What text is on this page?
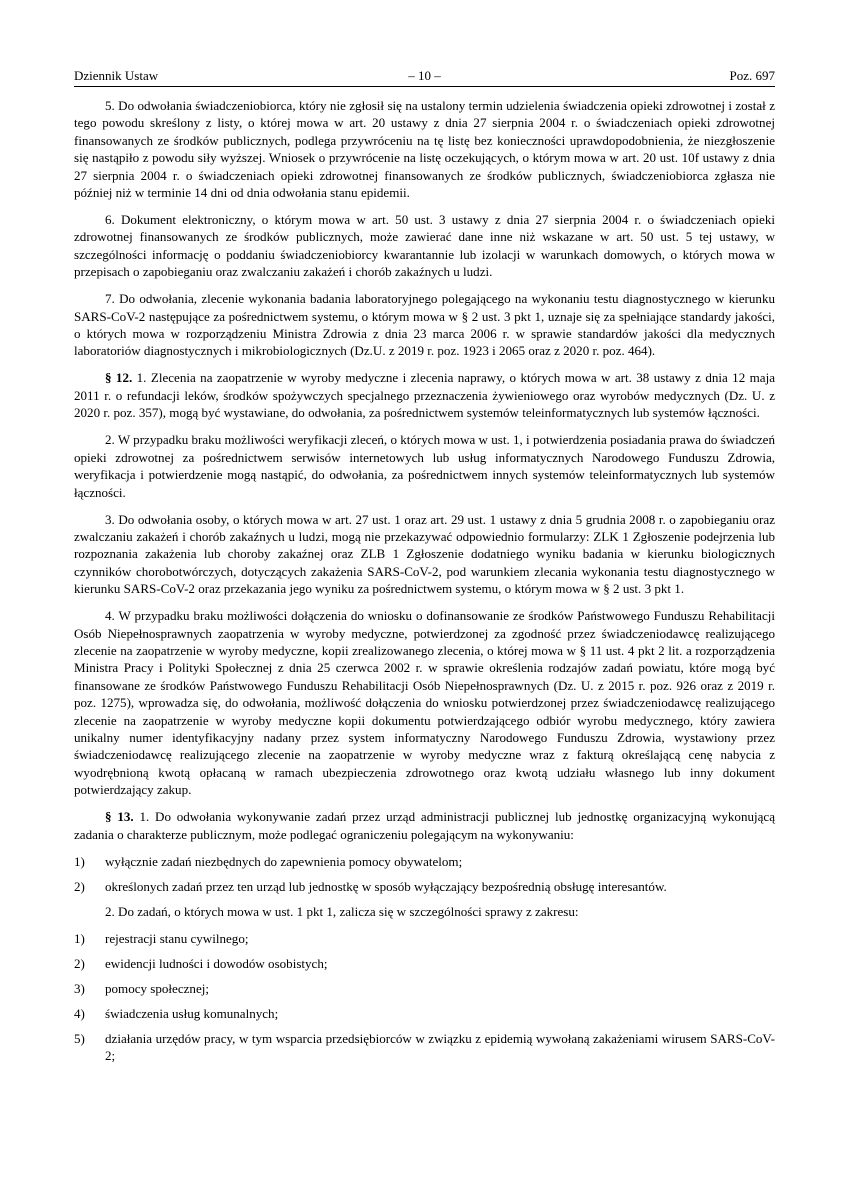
Dziennik Ustaw	– 10 –	Poz. 697

5. Do odwołania świadczeniobiorca, który nie zgłosił się na ustalony termin udzielenia świadczenia opieki zdrowotnej i został z tego powodu skreślony z listy, o której mowa w art. 20 ustawy z dnia 27 sierpnia 2004 r. o świadczeniach opieki zdrowotnej finansowanych ze środków publicznych, podlega przywróceniu na tę listę bez konieczności uprawdopodobnienia, że niezgłoszenie się nastąpiło z powodu siły wyższej. Wniosek o przywrócenie na listę oczekujących, o którym mowa w art. 20 ust. 10f ustawy z dnia 27 sierpnia 2004 r. o świadczeniach opieki zdrowotnej finansowanych ze środków publicznych, świadczeniobiorca zgłasza nie później niż w terminie 14 dni od dnia odwołania stanu epidemii.

6. Dokument elektroniczny, o którym mowa w art. 50 ust. 3 ustawy z dnia 27 sierpnia 2004 r. o świadczeniach opieki zdrowotnej finansowanych ze środków publicznych, może zawierać dane inne niż wskazane w art. 50 ust. 5 tej ustawy, w szczególności informację o poddaniu świadczeniobiorcy kwarantannie lub izolacji w warunkach domowych, o których mowa w przepisach o zapobieganiu oraz zwalczaniu zakażeń i chorób zakaźnych u ludzi.

7. Do odwołania, zlecenie wykonania badania laboratoryjnego polegającego na wykonaniu testu diagnostycznego w kierunku SARS-CoV-2 następujące za pośrednictwem systemu, o którym mowa w § 2 ust. 3 pkt 1, uznaje się za spełniające standardy jakości, o których mowa w rozporządzeniu Ministra Zdrowia z dnia 23 marca 2006 r. w sprawie standardów jakości dla medycznych laboratoriów diagnostycznych i mikrobiologicznych (Dz.U. z 2019 r. poz. 1923 i 2065 oraz z 2020 r. poz. 464).

§ 12. 1. Zlecenia na zaopatrzenie w wyroby medyczne i zlecenia naprawy, o których mowa w art. 38 ustawy z dnia 12 maja 2011 r. o refundacji leków, środków spożywczych specjalnego przeznaczenia żywieniowego oraz wyrobów medycznych (Dz. U. z 2020 r. poz. 357), mogą być wystawiane, do odwołania, za pośrednictwem systemów teleinformatycznych lub systemów łączności.

2. W przypadku braku możliwości weryfikacji zleceń, o których mowa w ust. 1, i potwierdzenia posiadania prawa do świadczeń opieki zdrowotnej za pośrednictwem serwisów internetowych lub usług informatycznych Narodowego Funduszu Zdrowia, weryfikacja i potwierdzenie mogą nastąpić, do odwołania, za pośrednictwem innych systemów teleinformatycznych lub systemów łączności.

3. Do odwołania osoby, o których mowa w art. 27 ust. 1 oraz art. 29 ust. 1 ustawy z dnia 5 grudnia 2008 r. o zapobieganiu oraz zwalczaniu zakażeń i chorób zakaźnych u ludzi, mogą nie przekazywać odpowiednio formularzy: ZLK 1 Zgłoszenie podejrzenia lub rozpoznania zakażenia lub choroby zakaźnej oraz ZLB 1 Zgłoszenie dodatniego wyniku badania w kierunku biologicznych czynników chorobotwórczych, dotyczących zakażenia SARS-CoV-2, pod warunkiem zlecania wykonania testu diagnostycznego w kierunku SARS-CoV-2 oraz przekazania jego wyniku za pośrednictwem systemu, o którym mowa w § 2 ust. 3 pkt 1.

4. W przypadku braku możliwości dołączenia do wniosku o dofinansowanie ze środków Państwowego Funduszu Rehabilitacji Osób Niepełnosprawnych zaopatrzenia w wyroby medyczne, potwierdzonej za zgodność przez świadczeniodawcę realizującego zlecenie na zaopatrzenie w wyroby medyczne, kopii zrealizowanego zlecenia, o której mowa w § 11 ust. 4 pkt 2 lit. a rozporządzenia Ministra Pracy i Polityki Społecznej z dnia 25 czerwca 2002 r. w sprawie określenia rodzajów zadań powiatu, które mogą być finansowane ze środków Państwowego Funduszu Rehabilitacji Osób Niepełnosprawnych (Dz. U. z 2015 r. poz. 926 oraz z 2019 r. poz. 1275), wprowadza się, do odwołania, możliwość dołączenia do wniosku potwierdzonej przez świadczeniodawcę realizującego zlecenie na zaopatrzenie w wyroby medyczne kopii dokumentu potwierdzającego odbiór wyrobu medycznego, który zawiera unikalny numer identyfikacyjny nadany przez system informatyczny Narodowego Funduszu Zdrowia, wystawiony przez świadczeniodawcę realizującego zlecenie na zaopatrzenie w wyroby medyczne wraz z fakturą określającą cenę nabycia z wyodrębnioną kwotą opłacaną w ramach ubezpieczenia zdrowotnego oraz kwotą udziału własnego lub inny dokument potwierdzający zakup.

§ 13. 1. Do odwołania wykonywanie zadań przez urząd administracji publicznej lub jednostkę organizacyjną wykonującą zadania o charakterze publicznym, może podlegać ograniczeniu polegającym na wykonywaniu:

1) wyłącznie zadań niezbędnych do zapewnienia pomocy obywatelom;
2) określonych zadań przez ten urząd lub jednostkę w sposób wyłączający bezpośrednią obsługę interesantów.

2. Do zadań, o których mowa w ust. 1 pkt 1, zalicza się w szczególności sprawy z zakresu:

1) rejestracji stanu cywilnego;
2) ewidencji ludności i dowodów osobistych;
3) pomocy społecznej;
4) świadczenia usług komunalnych;
5) działania urzędów pracy, w tym wsparcia przedsiębiorców w związku z epidemią wywołaną zakażeniami wirusem SARS-CoV-2;
